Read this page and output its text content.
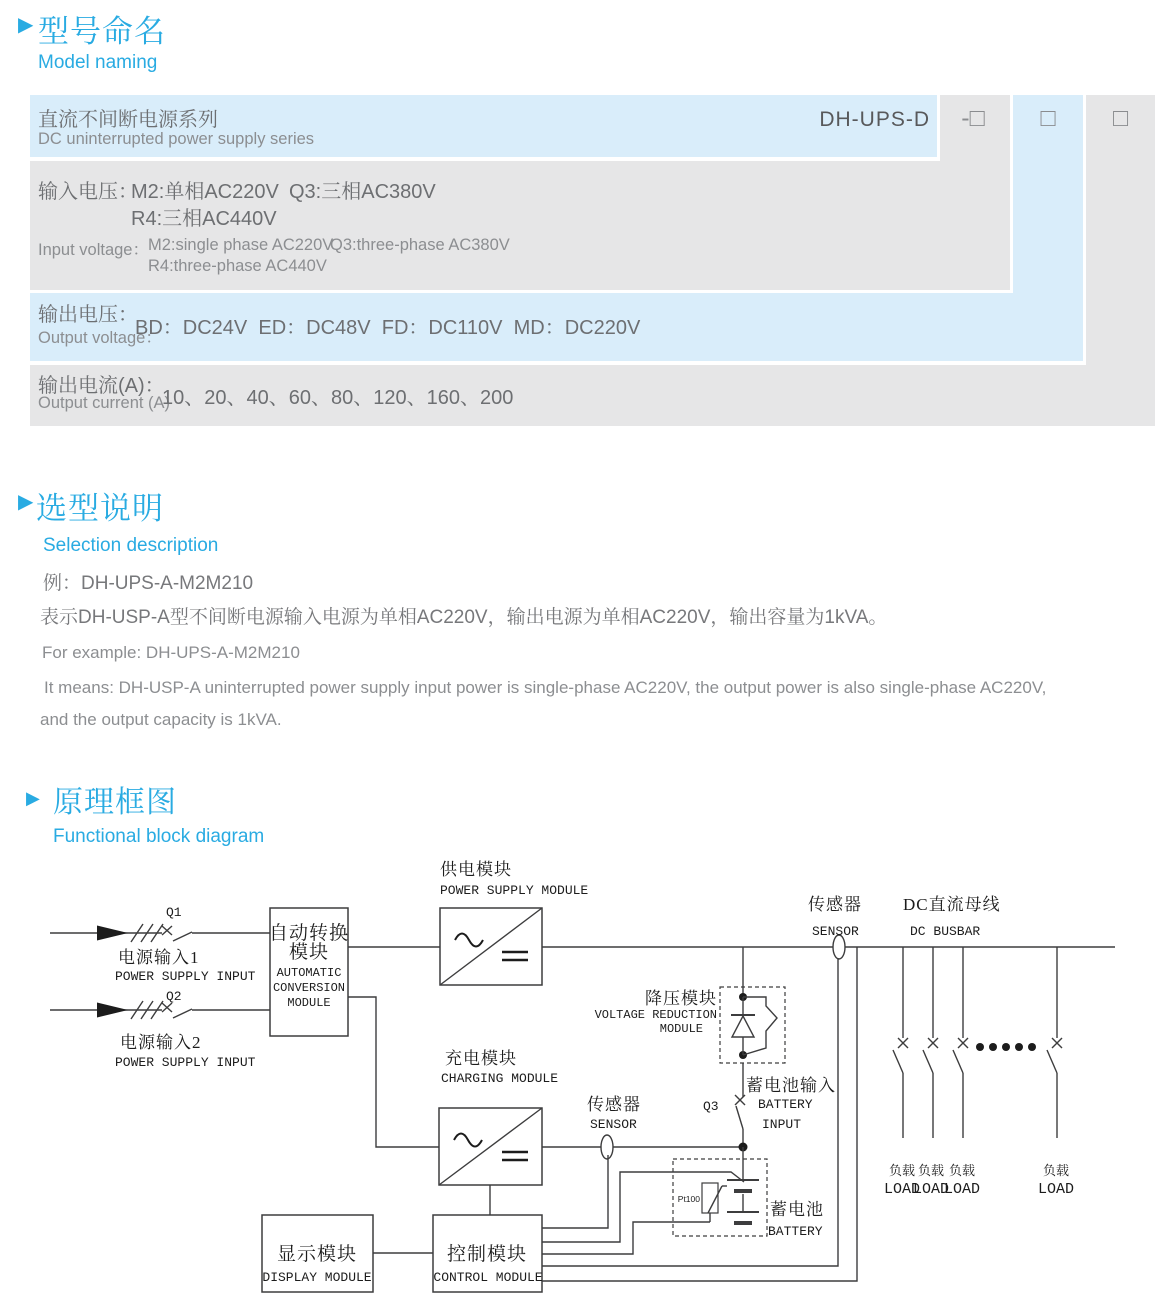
▶ 型号命名
Model naming
直流不间断电源系列
DC uninterrupted power supply series
DH-UPS-D	-□	□	□
输入电压：
M2:单相AC220V Q3:三相AC380V
R4:三相AC440V
Input voltage： M2:single phase AC220V
Q3:three-phase AC380V
R4:three-phase AC440V
输出电压：
Output voltage：
BD：DC24V  ED：DC48V  FD：DC110V  MD：DC220V
输出电流(A)：
Output current (A)
10、20、40、60、80、120、160、200
▶ 选型说明
Selection description
例：DH-UPS-A-M2M210
表示DH-USP-A型不间断电源输入电源为单相AC220V，输出电源为单相AC220V，输出容量为1kVA。
For example: DH-UPS-A-M2M210
It means: DH-USP-A uninterrupted power supply input power is single-phase AC220V, the output power is also single-phase AC220V,
and the output capacity is 1kVA.
▶ 原理框图
Functional block diagram
Q1
电源输入1
POWER SUPPLY INPUT
Q2
电源输入2
POWER SUPPLY INPUT
自动转换
模块
AUTOMATIC
CONVERSION
MODULE
供电模块
POWER SUPPLY MODULE
充电模块
CHARGING MODULE
传感器
SENSOR
DC直流母线
DC BUSBAR
降压模块
VOLTAGE REDUCTION
MODULE
Q3
蓄电池输入
BATTERY
INPUT
传感器
SENSOR
Pt100
蓄电池
BATTERY
显示模块
DISPLAY MODULE
控制模块
CONTROL MODULE
负载 负载 负载	负载
LOAD
LOAD
LOAD	LOAD
